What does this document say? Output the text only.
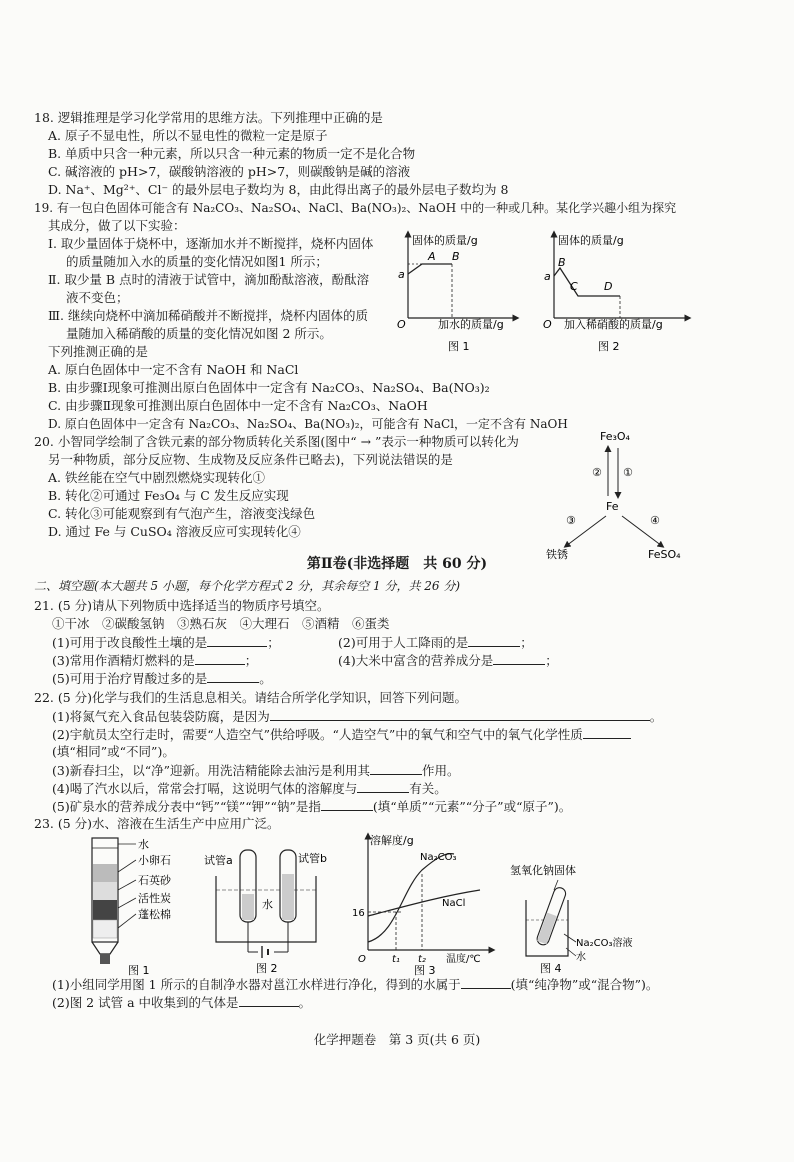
18. 逻辑推理是学习化学常用的思维方法。下列推理中正确的是
A. 原子不显电性，所以不显电性的微粒一定是原子
B. 单质中只含一种元素，所以只含一种元素的物质一定不是化合物
C. 碱溶液的 pH>7，碳酸钠溶液的 pH>7，则碳酸钠是碱的溶液
D. Na⁺、Mg²⁺、Cl⁻ 的最外层电子数均为 8，由此得出离子的最外层电子数均为 8
19. 有一包白色固体可能含有 Na₂CO₃、Na₂SO₄、NaCl、Ba(NO₃)₂、NaOH 中的一种或几种。某化学兴趣小组为探究
其成分，做了以下实验：
Ⅰ. 取少量固体于烧杯中，逐渐加水并不断搅拌，烧杯内固体
的质量随加入水的质量的变化情况如图1 所示；
Ⅱ. 取少量 B 点时的清液于试管中，滴加酚酞溶液，酚酞溶
液不变色；
Ⅲ. 继续向烧杯中滴加稀硝酸并不断搅拌，烧杯内固体的质
量随加入稀硝酸的质量的变化情况如图 2 所示。
下列推测正确的是
A. 原白色固体中一定不含有 NaOH 和 NaCl
B. 由步骤Ⅰ现象可推测出原白色固体中一定含有 Na₂CO₃、Na₂SO₄、Ba(NO₃)₂
C. 由步骤Ⅱ现象可推测出原白色固体中一定不含有 Na₂CO₃、NaOH
D. 原白色固体中一定含有 Na₂CO₃、Na₂SO₄、Ba(NO₃)₂，可能含有 NaCl，一定不含有 NaOH
固体的质量/g
a
A B
O	加水的质量/g
图 1
固体的质量/g
a
B
C D
O 加入稀硝酸的质量/g
图 2
20. 小智同学绘制了含铁元素的部分物质转化关系图(图中“ → ”表示一种物质可以转化为
另一种物质，部分反应物、生成物及反应条件已略去)，下列说法错误的是
A. 铁丝能在空气中剧烈燃烧实现转化①
B. 转化②可通过 Fe₃O₄ 与 C 发生反应实现
C. 转化③可能观察到有气泡产生，溶液变浅绿色
D. 通过 Fe 与 CuSO₄ 溶液反应可实现转化④
Fe₃O₄
Fe
② ①
③	④
铁锈	FeSO₄
第Ⅱ卷(非选择题　共 60 分)
二、填空题(本大题共 5 小题，每个化学方程式 2 分，其余每空 1 分，共 26 分)
21. (5 分)请从下列物质中选择适当的物质序号填空。
①干冰　②碳酸氢钠　③熟石灰　④大理石　⑤酒精　⑥蛋类
(1)可用于改良酸性土壤的是	；	(2)可用于人工降雨的是	；
(3)常用作酒精灯燃料的是	；	(4)大米中富含的营养成分是	；
(5)可用于治疗胃酸过多的是	。
22. (5 分)化学与我们的生活息息相关。请结合所学化学知识，回答下列问题。
(1)将氮气充入食品包装袋防腐，是因为	。
(2)宇航员太空行走时，需要“人造空气”供给呼吸。“人造空气”中的氧气和空气中的氧气化学性质
(填“相同”或“不同”)。
(3)新春扫尘，以“净”迎新。用洗洁精能除去油污是利用其	作用。
(4)喝了汽水以后，常常会打嗝，这说明气体的溶解度与	有关。
(5)矿泉水的营养成分表中“钙”“镁”“钾”“钠”是指	(填“单质”“元素”“分子”或“原子”)。
23. (5 分)水、溶液在生活生产中应用广泛。
水
小卵石
石英砂
活性炭
蓬松棉
图 1
试管a	试管b
水
图 2
溶解度/g
Na₂CO₃
NaCl
16
O	t₁ t₂ 温度/℃
图 3
氢氧化钠固体
Na₂CO₃溶液
水
图 4
(1)小组同学用图 1 所示的自制净水器对邕江水样进行净化，得到的水属于	(填“纯净物”或“混合物”)。
(2)图 2 试管 a 中收集到的气体是	。
化学押题卷　第 3 页(共 6 页)
